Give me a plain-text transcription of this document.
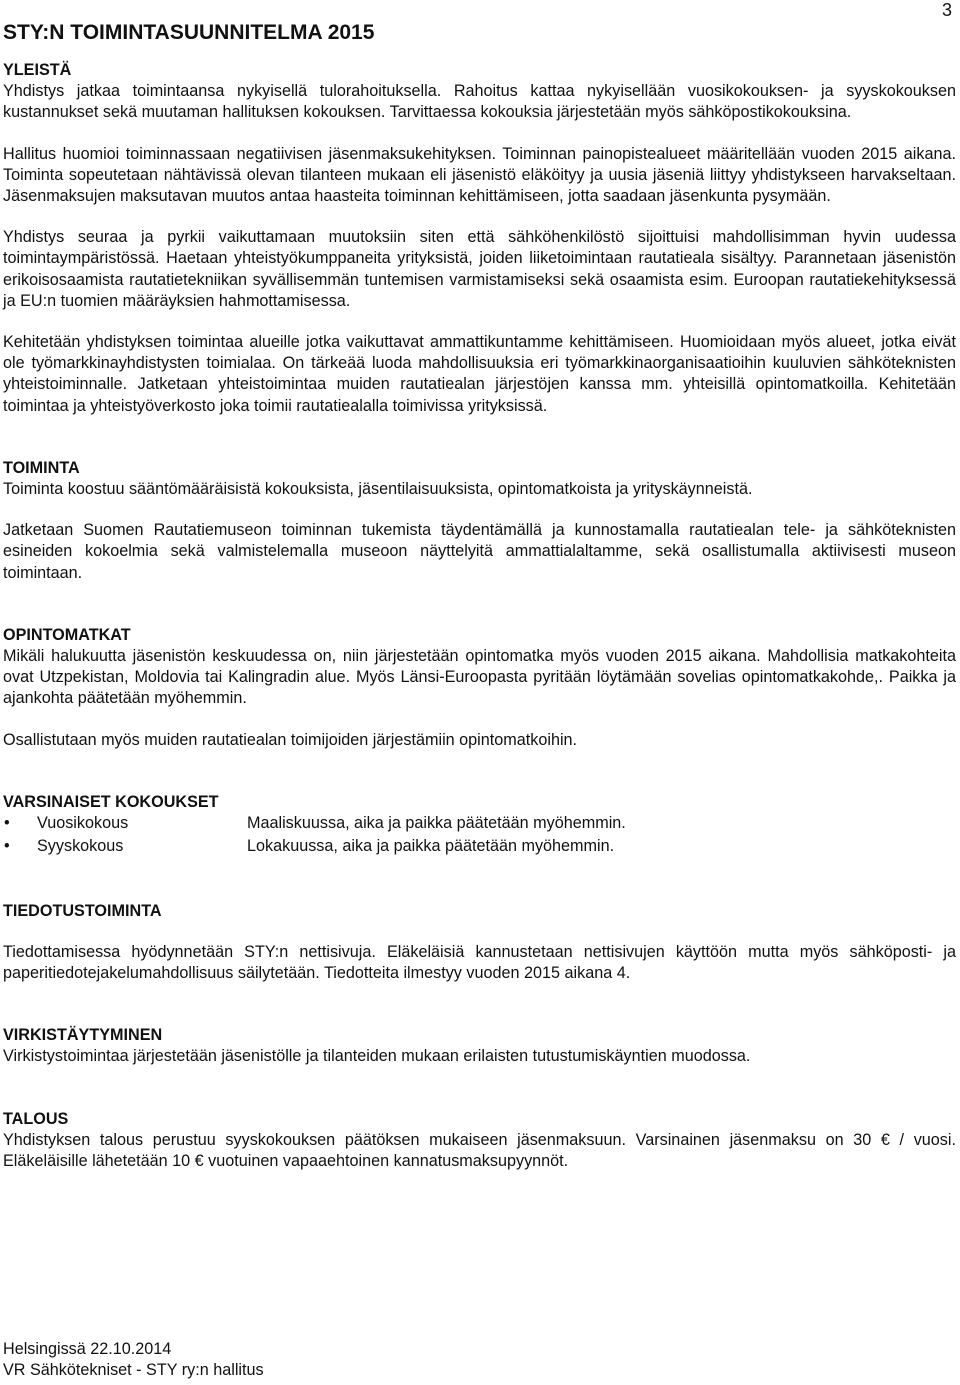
3
STY:N TOIMINTASUUNNITELMA 2015
YLEISTÄ

Yhdistys jatkaa toimintaansa nykyisellä tulorahoituksella. Rahoitus kattaa nykyisellään vuosikokouksen- ja syyskokouksen kustannukset sekä muutaman hallituksen kokouksen. Tarvittaessa kokouksia järjestetään myös sähköpostikokouksina.

Hallitus huomioi toiminnassaan negatiivisen jäsenmaksukehityksen. Toiminnan painopistealueet määritellään vuoden 2015 aikana. Toiminta sopeutetaan nähtävissä olevan tilanteen mukaan eli jäsenistö eläköityy ja uusia jäseniä liittyy yhdistykseen harvakseltaan. Jäsenmaksujen maksutavan muutos antaa haasteita toiminnan kehittämiseen, jotta saadaan jäsenkunta pysymään.

Yhdistys seuraa ja pyrkii vaikuttamaan muutoksiin siten että sähköhenkilöstö sijoittuisi mahdollisimman hyvin uudessa toimintaympäristössä. Haetaan yhteistyökumppaneita yrityksistä, joiden liiketoimintaan rautatieala sisältyy. Parannetaan jäsenistön erikoisosaamista rautatietekniikan syvällisemmän tuntemisen varmistamiseksi sekä osaamista esim. Euroopan rautatiekehityksessä ja EU:n tuomien määräyksien hahmottamisessa.

Kehitetään yhdistyksen toimintaa alueille jotka vaikuttavat ammattikuntamme kehittämiseen. Huomioidaan myös alueet, jotka eivät ole työmarkkinayhdistysten toimialaa. On tärkeää luoda mahdollisuuksia eri työmarkkinaorganisaatioihin kuuluvien sähköteknisten yhteistoiminnalle. Jatketaan yhteistoimintaa muiden rautatiealan järjestöjen kanssa mm. yhteisillä opintomatkoilla. Kehitetään toimintaa ja yhteistyöverkosto joka toimii rautatiealalla toimivissa yrityksissä.

TOIMINTA

Toiminta koostuu sääntömääräisistä kokouksista, jäsentilaisuuksista, opintomatkoista ja yrityskäynneistä.

Jatketaan Suomen Rautatiemuseon toiminnan tukemista täydentämällä ja kunnostamalla rautatiealan tele- ja sähköteknisten esineiden kokoelmia sekä valmistelemalla museoon näyttelyitä ammattialaltamme, sekä osallistumalla aktiivisesti museon toimintaan.

OPINTOMATKAT

Mikäli halukuutta jäsenistön keskuudessa on, niin järjestetään opintomatka myös vuoden 2015 aikana. Mahdollisia matkakohteita ovat Utzpekistan, Moldovia tai Kalingradin alue. Myös Länsi-Euroopasta pyritään löytämään sovelias opintomatkakohde,. Paikka ja ajankohta päätetään myöhemmin.

Osallistutaan myös muiden rautatiealan toimijoiden järjestämiin opintomatkoihin.

VARSINAISET KOKOUKSET
•	Vuosikokous	Maaliskuussa, aika ja paikka päätetään myöhemmin.
•	Syyskokous	Lokakuussa, aika ja paikka päätetään myöhemmin.
TIEDOTUSTOIMINTA

Tiedottamisessa hyödynnetään STY:n nettisivuja. Eläkeläisiä kannustetaan nettisivujen käyttöön mutta myös sähköposti- ja paperitiedotejakelumahdollisuus säilytetään. Tiedotteita ilmestyy vuoden 2015 aikana 4.

VIRKISTÄYTYMINEN

Virkistystoimintaa järjestetään jäsenistölle ja tilanteiden mukaan erilaisten tutustumiskäyntien muodossa.

TALOUS

Yhdistyksen talous perustuu syyskokouksen päätöksen mukaiseen jäsenmaksuun. Varsinainen jäsenmaksu on 30 € / vuosi. Eläkeläisille lähetetään 10 € vuotuinen vapaaehtoinen kannatusmaksupyynnöt.

Helsingissä 22.10.2014
VR Sähkötekniset - STY ry:n hallitus
